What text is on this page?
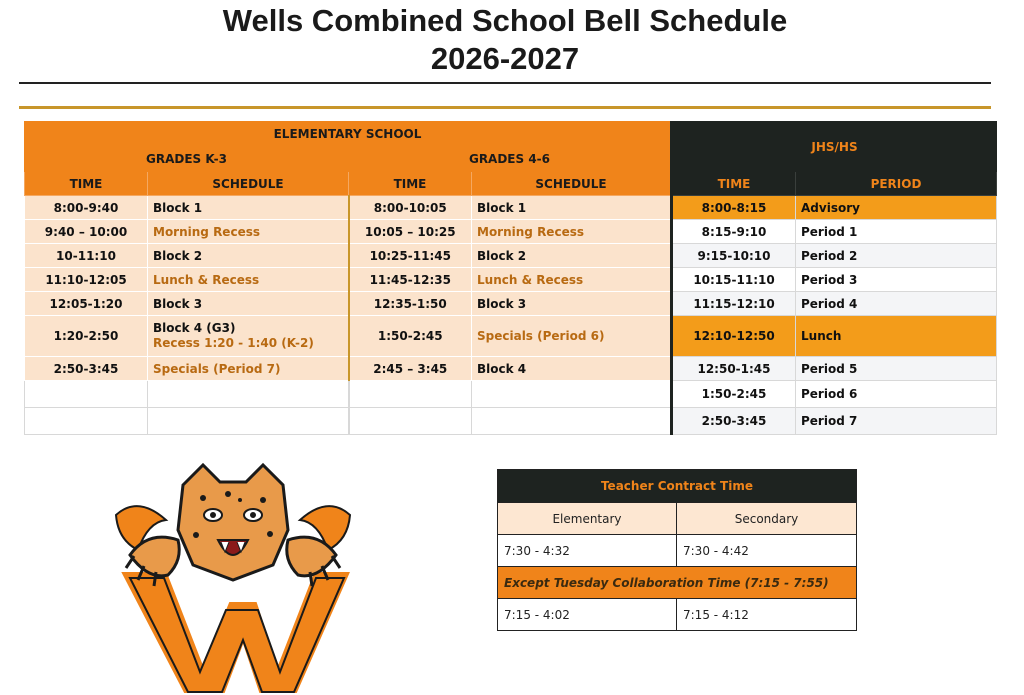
Wells Combined School Bell Schedule
2026-2027
ELEMENTARY SCHOOL				JHS/HS	
GRADES K-3		GRADES 4-6			
TIME	SCHEDULE	TIME	SCHEDULE	TIME	PERIOD
8:00-9:40	Block 1	8:00-10:05	Block 1	8:00-8:15	Advisory
9:40 – 10:00	Morning Recess	10:05 – 10:25	Morning Recess	8:15-9:10	Period 1
10-11:10	Block 2	10:25-11:45	Block 2	9:15-10:10	Period 2
11:10-12:05	Lunch & Recess	11:45-12:35	Lunch & Recess	10:15-11:10	Period 3
12:05-1:20	Block 3	12:35-1:50	Block 3	11:15-12:10	Period 4
1:20-2:50	Block 4 (G3)
Recess 1:20 - 1:40 (K-2)	1:50-2:45	Specials (Period 6)	12:10-12:50	Lunch
2:50-3:45	Specials (Period 7)	2:45 – 3:45	Block 4	12:50-1:45	Period 5
				1:50-2:45	Period 6
				2:50-3:45	Period 7
Teacher Contract Time	
Elementary	Secondary
7:30 - 4:32	7:30 - 4:42
Except Tuesday Collaboration Time (7:15 - 7:55)	
7:15 - 4:02	7:15 - 4:12
